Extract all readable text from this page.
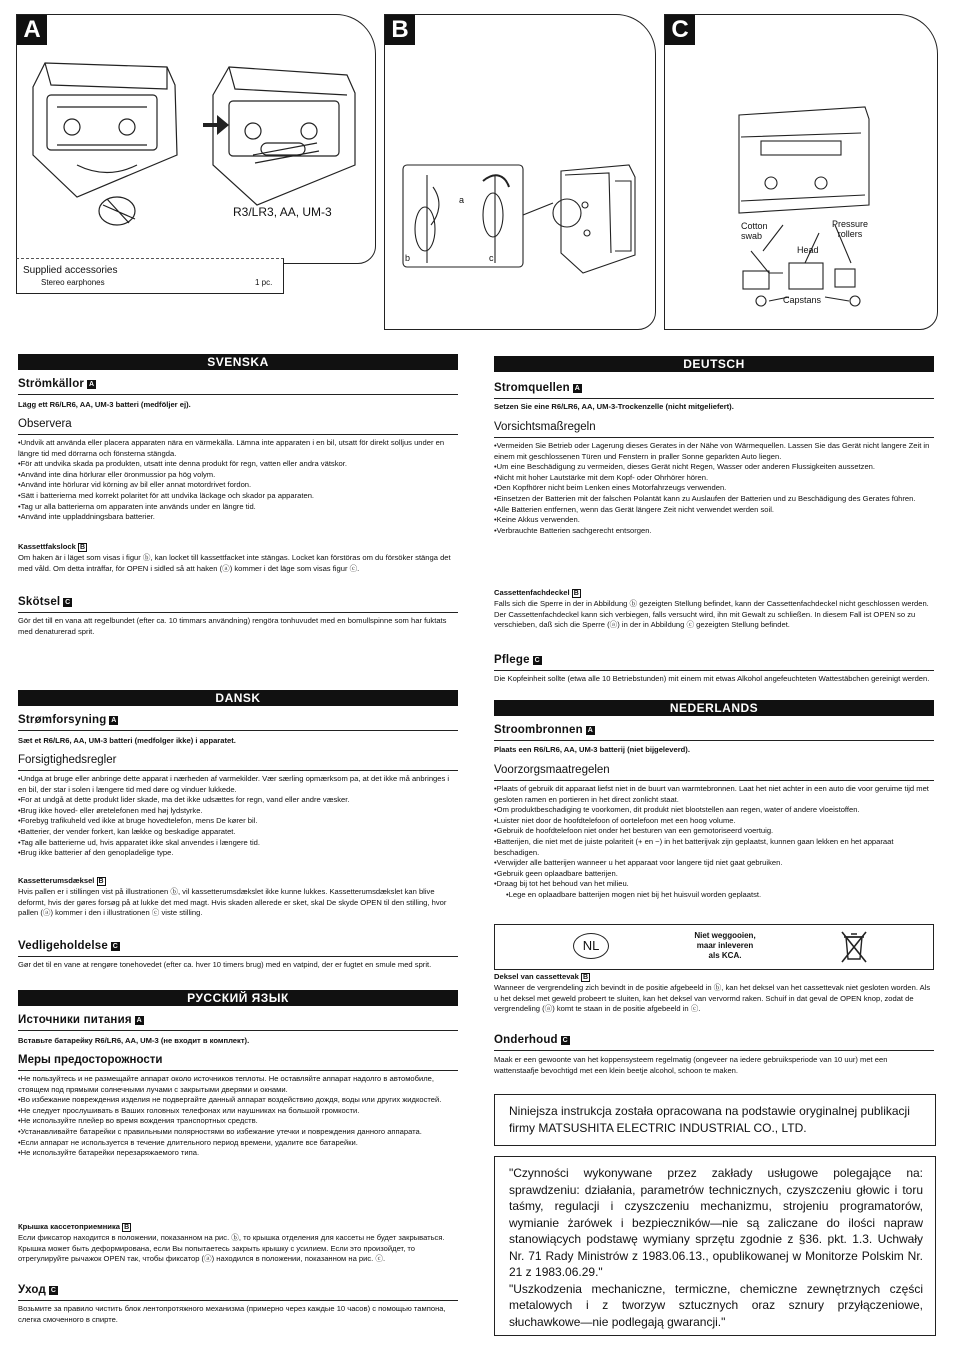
A
R3/LR3, AA, UM-3
Supplied accessories
Stereo earphones	1 pc.
B
a
b	c
C
Cotton swab
Head
Pressure rollers
Capstans
SVENSKA
Strömkällor A
Lägg ett R6/LR6, AA, UM-3 batteri (medföljer ej).
Observera

•Undvik att använda eller placera apparaten nära en värmekälla. Lämna inte apparaten i en bil, utsatt för direkt solljus under en längre tid med dörrarna och fönsterna stängda.

•För att undvika skada pa produkten, utsatt inte denna produkt för regn, vatten eller andra vätskor.

•Använd inte dina hörlurar eller öronmussior pa hög volym.

•Använd inte hörlurar vid körning av bil eller annat motordrivet fordon.

•Sätt i batterierna med korrekt polaritet för att undvika läckage och skador pa apparaten.

•Tag ur alla batterierna om apparaten inte används under en längre tid.

•Använd inte uppladdningsbara batterier.

Kassettfakslock B
Om haken är i läget som visas i figur ⓑ, kan locket till kassettfacket inte stängas. Locket kan förstöras om du försöker stänga det med våld. Om detta inträffar, för OPEN i sidled så att haken (ⓐ) kommer i det läge som visas figur ⓒ.
Skötsel C
Gör det till en vana att regelbundet (efter ca. 10 timmars användning) rengöra tonhuvudet med en bomullspinne som har fuktats med denaturerad sprit.
DANSK
Strømforsyning A
Sæt et R6/LR6, AA, UM-3 batteri (medfolger ikke) i apparatet.
Forsigtighedsregler

•Undga at bruge eller anbringe dette apparat i nærheden af varmekilder. Vær særling opmærksom pa, at det ikke må anbringes i en bil, der star i solen i længere tid med døre og vinduer lukkede.

•For at undgå at dette produkt lider skade, ma det ikke udsættes for regn, vand eller andre væsker.

•Brug ikke hoved- eller øretelefonen med høj lydstyrke.

•Forebyg trafikuheld ved ikke at bruge hovedtelefon, mens De kører bil.

•Batterier, der vender forkert, kan lække og beskadige apparatet.

•Tag alle batterierne ud, hvis apparatet ikke skal anvendes i længere tid.

•Brug ikke batterier af den genopladelige type.

Kassetterumsdæksel B
Hvis pallen er i stillingen vist på illustrationen ⓑ, vil kassetterumsdækslet ikke kunne lukkes. Kassetterumsdækslet kan blive deformt, hvis der gøres forsøg på at lukke det med magt. Hvis skaden allerede er sket, skal De skyde OPEN til den stilling, hvor pallen (ⓐ) kommer i den i illustrationen ⓒ viste stilling.
Vedligeholdelse C
Gør det til en vane at rengøre tonehovedet (efter ca. hver 10 timers brug) med en vatpind, der er fugtet en smule med sprit.
РУССКИЙ ЯЗЫК
Источники питания A
Вставьте батарейку R6/LR6, AA, UM-3 (не входит в комплект).
Меры предосторожности

•Не пользуйтесь и не размещайте аппарат около источников теплоты. Не оставляйте аппарат надолго в автомобиле, стоящем под прямыми солнечными лучами с закрытыми дверями и окнами.

•Во избежание повреждения изделия не подвергайте данный аппарат воздействию дождя, воды или других жидкостей.

•Не следует прослушивать в Ваших головных телефонах или наушниках на большой громкости.

•Не используйте плейер во время вождения транспортных средств.

•Устанавливайте батарейки с правильными полярностями во избежание утечки и повреждения данного аппарата.

•Если аппарат не используется в течение длительного период времени, удалите все батарейки.

•Не используйте батарейки перезаряжаемого типа.

Крышка кассетоприемника B
Если фиксатор находится в положении, показанном на рис. ⓑ, то крышка отделения для кассеты не будет закрываться. Крышка может быть деформирована, если Вы попытаетесь закрыть крышку с усилием. Если это произойдет, то отрегулируйте рычажок OPEN так, чтобы фиксатор (ⓐ) находился в положении, показанном на рис. ⓒ.
Уход C
Возьмите за правило чистить блок лентопротяжного механизма (примерно через каждые 10 часов) с помощью тампона, слегка смоченного в спирте.
DEUTSCH
Stromquellen A
Setzen Sie eine R6/LR6, AA, UM-3-Trockenzelle (nicht mitgeliefert).
Vorsichtsmaßregeln

•Vermeiden Sie Betrieb oder Lagerung dieses Gerates in der Nähe von Wärmequellen. Lassen Sie das Gerät nicht langere Zeit in einem mit geschlossenen Türen und Fenstern in praller Sonne geparkten Auto liegen.

•Um eine Beschädigung zu vermeiden, dieses Gerät nicht Regen, Wasser oder anderen Flussigkeiten aussetzen.

•Nicht mit hoher Lautstärke mit dem Kopf- oder Ohrhörer hören.

•Den Kopfhörer nicht beim Lenken eines Motorfahrzeugs verwenden.

•Einsetzen der Batterien mit der falschen Polantät kann zu Auslaufen der Batterien und zu Beschädigung des Gerates führen.

•Alle Batterien entfernen, wenn das Gerät längere Zeit nicht verwendet werden soil.

•Keine Akkus verwenden.

•Verbrauchte Batterien sachgerecht entsorgen.

Cassettenfachdeckel B
Falls sich die Sperre in der in Abbildung ⓑ gezeigten Stellung befindet, kann der Cassettenfachdeckel nicht geschlossen werden. Der Cassettenfachdeckel kann sich verbiegen, falls versucht wird, ihn mit Gewalt zu schließen. In diesem Fall ist OPEN so zu verschieben, daß sich die Sperre (ⓐ) in der in Abbildung ⓒ gezeigten Stellung befindet.
Pflege C
Die Kopfeinheit sollte (etwa alle 10 Betriebstunden) mit einem mit etwas Alkohol angefeuchteten Wattestäbchen gereinigt werden.
NEDERLANDS
Stroombronnen A
Plaats een R6/LR6, AA, UM-3 batterij (niet bijgeleverd).
Voorzorgsmaatregelen

•Plaats of gebruik dit apparaat liefst niet in de buurt van warmtebronnen. Laat het niet achter in een auto die voor geruime tijd met gesloten ramen en portieren in het direct zonlicht staat.

•Om produktbeschadiging te voorkomen, dit produkt niet blootstellen aan regen, water of andere vloeistoffen.

•Luister niet door de hoofdtelefoon of oortelefoon met een hoog volume.

•Gebruik de hoofdtelefoon niet onder het besturen van een gemotoriseerd voertuig.

•Batterijen, die niet met de juiste polariteit (+ en −) in het batterijvak zijn geplaatst, kunnen gaan lekken en het apparaat beschadigen.

•Verwijder alle batterijen wanneer u het apparaat voor langere tijd niet gaat gebruiken.

•Gebruik geen oplaadbare batterijen.

•Draag bij tot het behoud van het milieu.

•Lege en oplaadbare batterijen mogen niet bij het huisvuil worden geplaatst.

NL
Niet weggooien,
maar inleveren
als KCA.
Deksel van cassettevak B
Wanneer de vergrendeling zich bevindt in de positie afgebeeld in ⓑ, kan het deksel van het cassettevak niet gesloten worden. Als u het deksel met geweld probeert te sluiten, kan het deksel van vervormd raken. Schuif in dat geval de OPEN knop, zodat de vergrendeling (ⓐ) komt te staan in de positie afgebeeld in ⓒ.
Onderhoud C
Maak er een gewoonte van het koppensysteem regelmatig (ongeveer na iedere gebruiksperiode van 10 uur) met een wattenstaafje bevochtigd met een klein beetje alcohol, schoon te maken.
Niniejsza instrukcja została opracowana na podstawie oryginalnej publikacji firmy MATSUSHITA ELECTRIC INDUSTRIAL CO., LTD.
"Czynności wykonywane przez zakłady usługowe polegające na: sprawdzeniu: działania, parametrów technicznych, czyszczeniu głowic i toru taśmy, regulacji i czyszczeniu mechanizmu, strojeniu programatorów, wymianie żarówek i bezpieczników—nie są zaliczane do ilości napraw stanowiących podstawę wymiany sprzętu zgodnie z §36. pkt. 1.3. Uchwały Nr. 71 Rady Ministrów z 1983.06.13., opublikowanej w Monitorze Polskim Nr. 21 z 1983.06.29."
"Uszkodzenia mechaniczne, termiczne, chemiczne zewnętrznych części metalowych i z tworzyw sztucznych oraz sznury przyłączeniowe, słuchawkowe—nie podlegają gwarancji."
